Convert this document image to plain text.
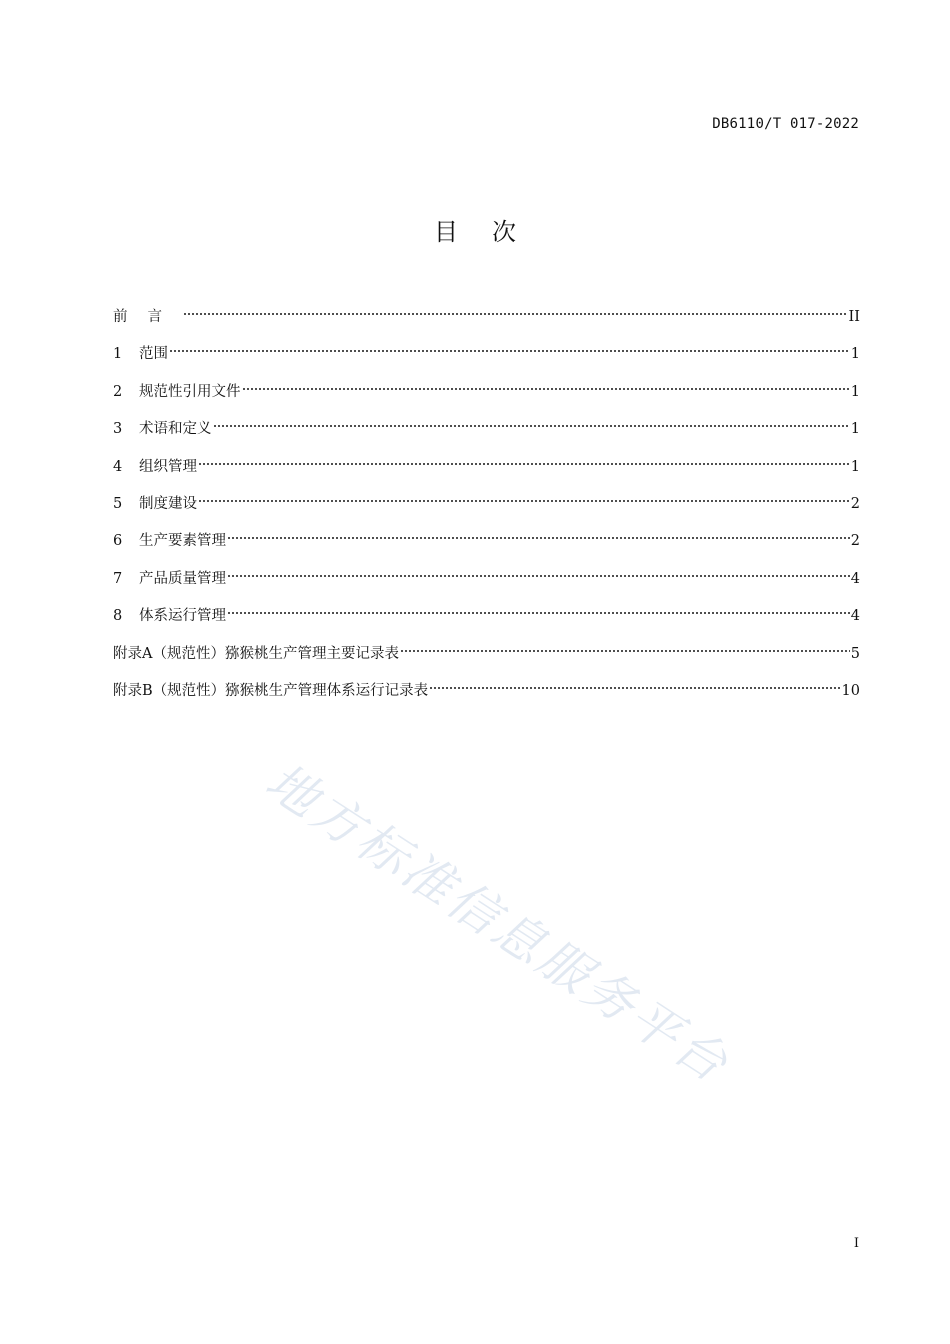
DB6110/T 017-2022
目次
前言	II
1	范围	1
2	规范性引用文件	1
3	术语和定义	1
4	组织管理	1
5	制度建设	2
6	生产要素管理	2
7	产品质量管理	4
8	体系运行管理	4
附录A（规范性）猕猴桃生产管理主要记录表	5
附录B（规范性）猕猴桃生产管理体系运行记录表	10
地方标准信息服务平台
I
